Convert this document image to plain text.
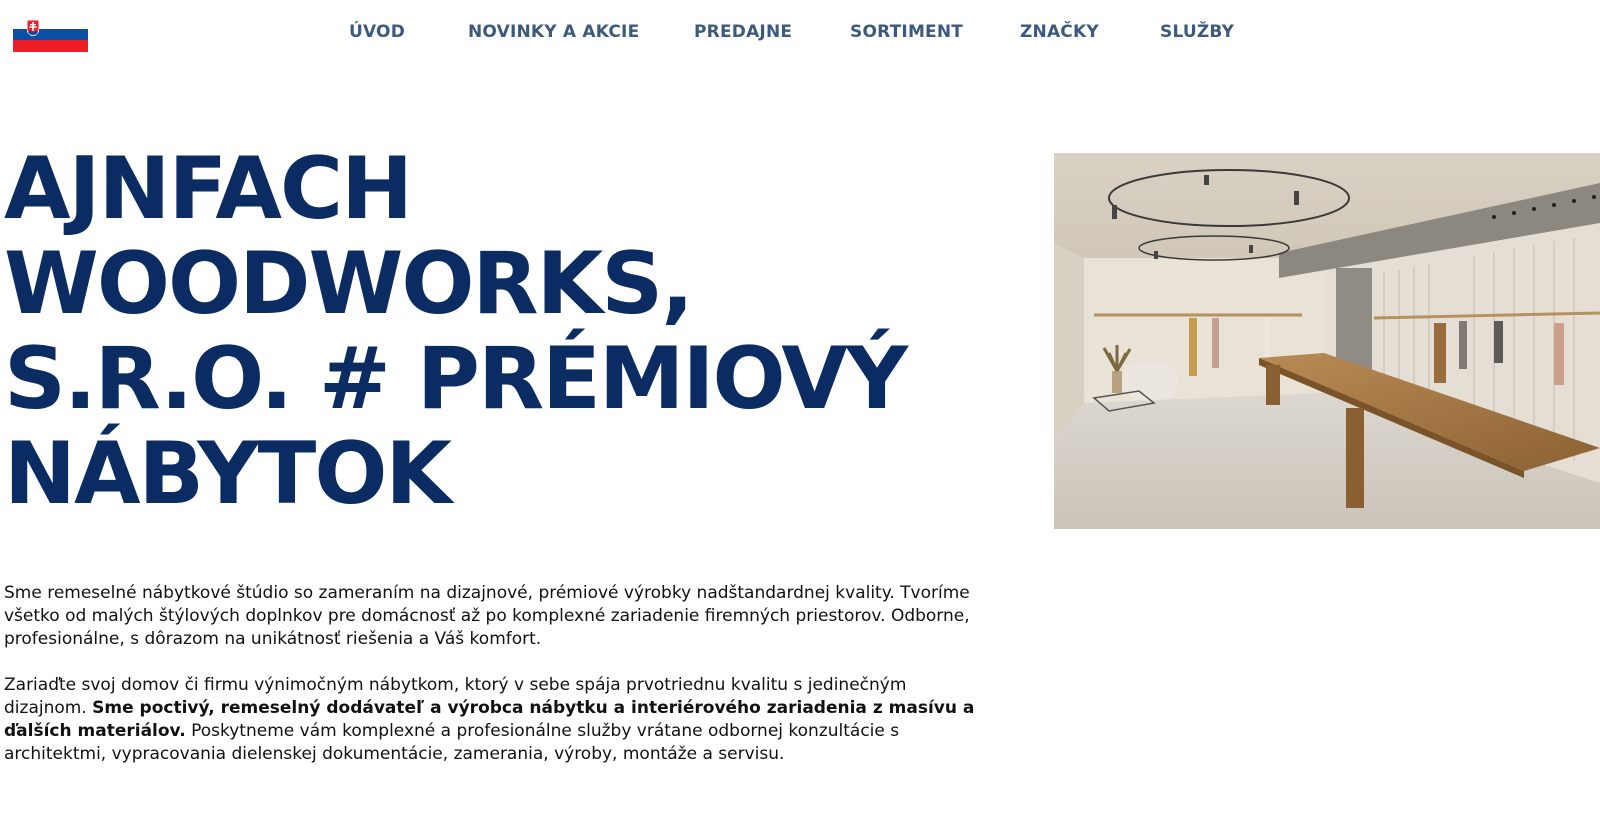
ÚVOD	NOVINKY A AKCIE	PREDAJNE	SORTIMENT	ZNAČKY	SLUŽBY
AJNFACH
WOODWORKS,
S.R.O. # PRÉMIOVÝ
NÁBYTOK

Sme remeselné nábytkové štúdio so zameraním na dizajnové, prémiové výrobky nadštandardnej kvality. Tvoríme všetko od malých štýlových doplnkov pre domácnosť až po komplexné zariadenie firemných priestorov. Odborne, profesionálne, s dôrazom na unikátnosť riešenia a Váš komfort.

Zariaďte svoj domov či firmu výnimočným nábytkom, ktorý v sebe spája prvotriednu kvalitu s jedinečným dizajnom. Sme poctivý, remeselný dodávateľ a výrobca nábytku a interiérového zariadenia z masívu a ďalších materiálov. Poskytneme vám komplexné a profesionálne služby vrátane odbornej konzultácie s architektmi, vypracovania dielenskej dokumentácie, zamerania, výroby, montáže a servisu.
